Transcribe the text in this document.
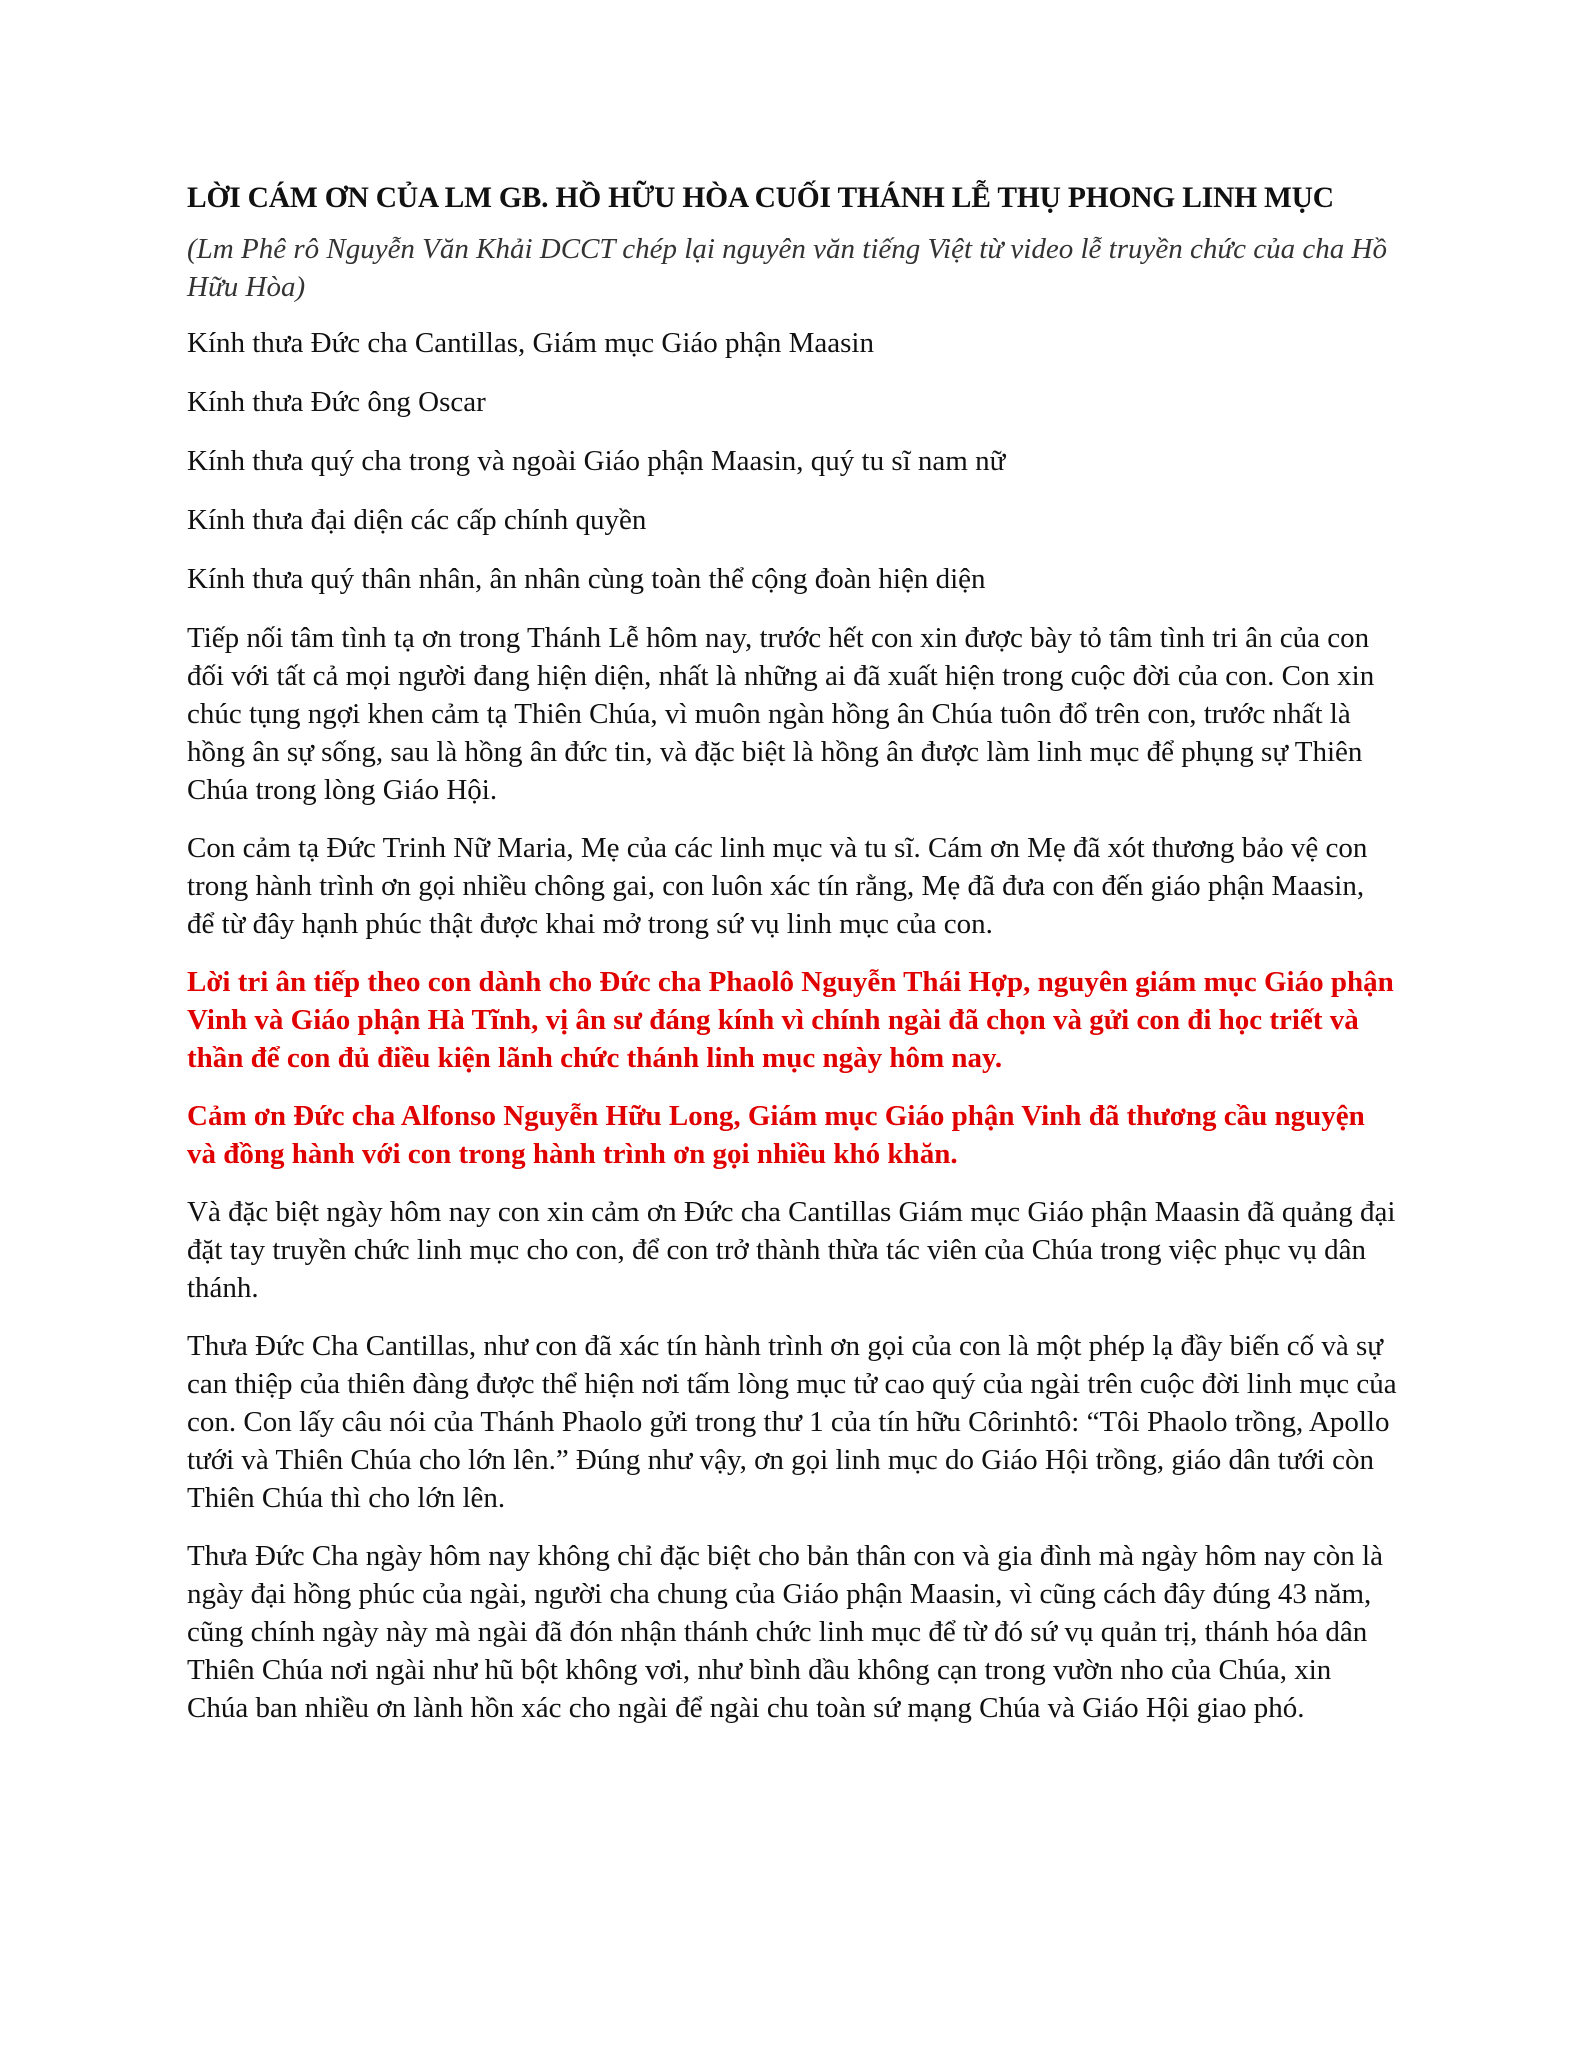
LỜI CÁM ƠN CỦA LM GB. HỒ HỮU HÒA CUỐI THÁNH LỄ THỤ PHONG LINH MỤC
(Lm Phê rô Nguyễn Văn Khải DCCT chép lại nguyên văn tiếng Việt từ video lễ truyền chức của cha Hồ Hữu Hòa)
Kính thưa Đức cha Cantillas, Giám mục Giáo phận Maasin
Kính thưa Đức ông Oscar
Kính thưa quý cha trong và ngoài Giáo phận Maasin, quý tu sĩ nam nữ
Kính thưa đại diện các cấp chính quyền
Kính thưa quý thân nhân, ân nhân cùng toàn thể cộng đoàn hiện diện
Tiếp nối tâm tình tạ ơn trong Thánh Lễ hôm nay, trước hết con xin được bày tỏ tâm tình tri ân của con đối với tất cả mọi người đang hiện diện, nhất là những ai đã xuất hiện trong cuộc đời của con. Con xin chúc tụng ngợi khen cảm tạ Thiên Chúa, vì muôn ngàn hồng ân Chúa tuôn đổ trên con, trước nhất là hồng ân sự sống, sau là hồng ân đức tin, và đặc biệt là hồng ân được làm linh mục để phụng sự Thiên Chúa trong lòng Giáo Hội.
Con cảm tạ Đức Trinh Nữ Maria, Mẹ của các linh mục và tu sĩ. Cám ơn Mẹ đã xót thương bảo vệ con trong hành trình ơn gọi nhiều chông gai, con luôn xác tín rằng, Mẹ đã đưa con đến giáo phận Maasin, để từ đây hạnh phúc thật được khai mở trong sứ vụ linh mục của con.
Lời tri ân tiếp theo con dành cho Đức cha Phaolô Nguyễn Thái Hợp, nguyên giám mục Giáo phận Vinh và Giáo phận Hà Tĩnh, vị ân sư đáng kính vì chính ngài đã chọn và gửi con đi học triết và thần để con đủ điều kiện lãnh chức thánh linh mục ngày hôm nay.
Cảm ơn Đức cha Alfonso Nguyễn Hữu Long, Giám mục Giáo phận Vinh đã thương cầu nguyện và đồng hành với con trong hành trình ơn gọi nhiều khó khăn.
Và đặc biệt ngày hôm nay con xin cảm ơn Đức cha Cantillas Giám mục Giáo phận Maasin đã quảng đại đặt tay truyền chức linh mục cho con, để con trở thành thừa tác viên của Chúa trong việc phục vụ dân thánh.
Thưa Đức Cha Cantillas, như con đã xác tín hành trình ơn gọi của con là một phép lạ đầy biến cố và sự can thiệp của thiên đàng được thể hiện nơi tấm lòng mục tử cao quý của ngài trên cuộc đời linh mục của con. Con lấy câu nói của Thánh Phaolo gửi trong thư 1 của tín hữu Côrinhtô: “Tôi Phaolo trồng, Apollo tưới và Thiên Chúa cho lớn lên.” Đúng như vậy, ơn gọi linh mục do Giáo Hội trồng, giáo dân tưới còn Thiên Chúa thì cho lớn lên.
Thưa Đức Cha ngày hôm nay không chỉ đặc biệt cho bản thân con và gia đình mà ngày hôm nay còn là ngày đại hồng phúc của ngài, người cha chung của Giáo phận Maasin, vì cũng cách đây đúng 43 năm, cũng chính ngày này mà ngài đã đón nhận thánh chức linh mục để từ đó sứ vụ quản trị, thánh hóa dân Thiên Chúa nơi ngài như hũ bột không vơi, như bình dầu không cạn trong vườn nho của Chúa, xin Chúa ban nhiều ơn lành hồn xác cho ngài để ngài chu toàn sứ mạng Chúa và Giáo Hội giao phó.
